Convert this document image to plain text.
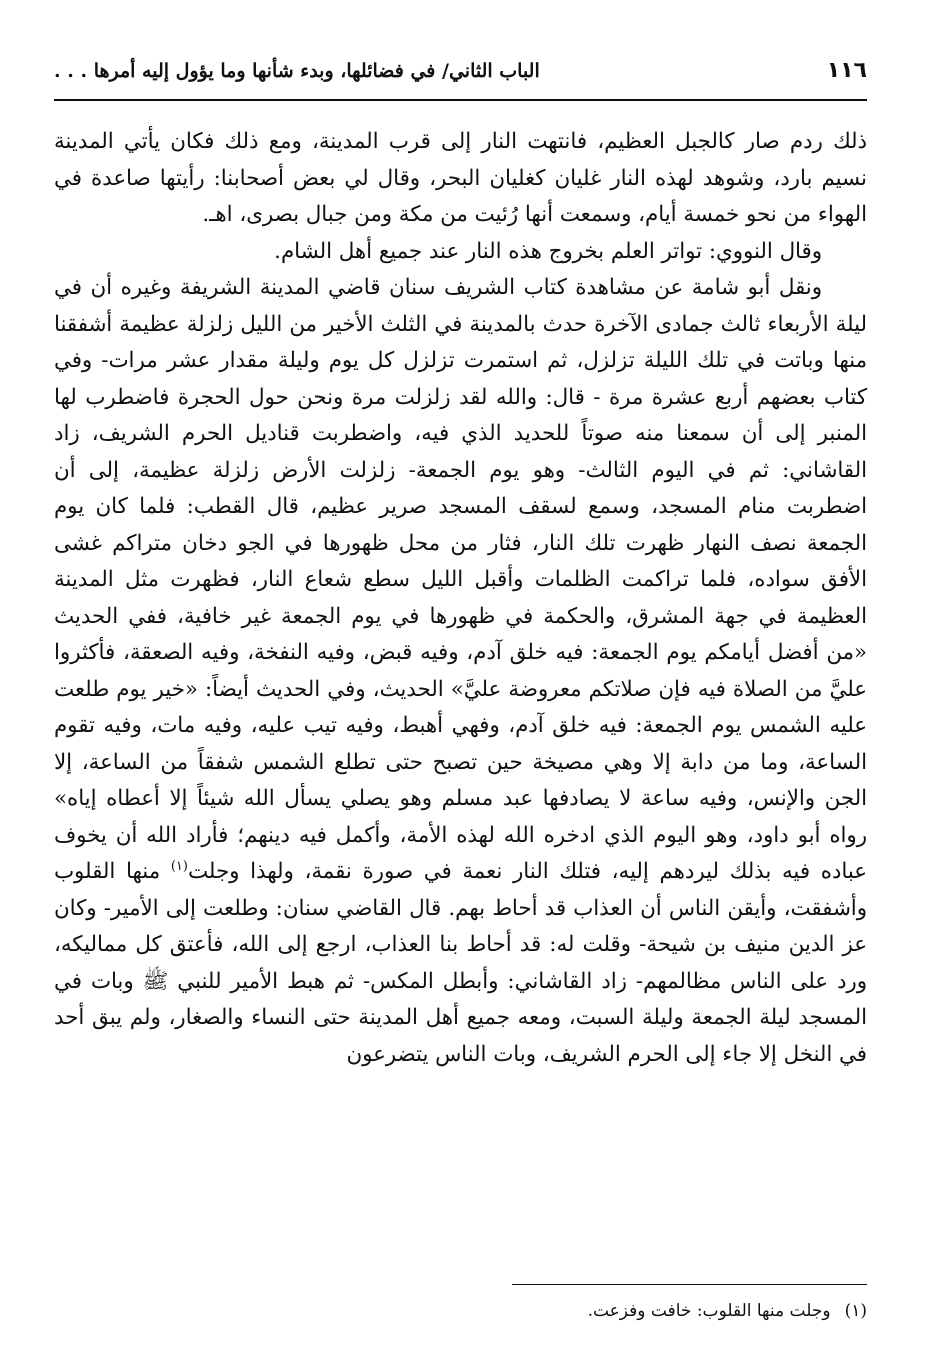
١١٦
الباب الثاني/ في فضائلها، وبدء شأنها وما يؤول إليه أمرها . . .

ذلك ردم صار كالجبل العظيم، فانتهت النار إلى قرب المدينة، ومع ذلك فكان يأتي المدينة نسيم بارد، وشوهد لهذه النار غليان كغليان البحر، وقال لي بعض أصحابنا: رأيتها صاعدة في الهواء من نحو خمسة أيام، وسمعت أنها رُئيت من مكة ومن جبال بصرى، اهـ.

وقال النووي: تواتر العلم بخروج هذه النار عند جميع أهل الشام.

ونقل أبو شامة عن مشاهدة كتاب الشريف سنان قاضي المدينة الشريفة وغيره أن في ليلة الأربعاء ثالث جمادى الآخرة حدث بالمدينة في الثلث الأخير من الليل زلزلة عظيمة أشفقنا منها وباتت في تلك الليلة تزلزل، ثم استمرت تزلزل كل يوم وليلة مقدار عشر مرات- وفي كتاب بعضهم أربع عشرة مرة - قال: والله لقد زلزلت مرة ونحن حول الحجرة فاضطرب لها المنبر إلى أن سمعنا منه صوتاً للحديد الذي فيه، واضطربت قناديل الحرم الشريف، زاد القاشاني: ثم في اليوم الثالث- وهو يوم الجمعة- زلزلت الأرض زلزلة عظيمة، إلى أن اضطربت منام المسجد، وسمع لسقف المسجد صرير عظيم، قال القطب: فلما كان يوم الجمعة نصف النهار ظهرت تلك النار، فثار من محل ظهورها في الجو دخان متراكم غشى الأفق سواده، فلما تراكمت الظلمات وأقبل الليل سطع شعاع النار، فظهرت مثل المدينة العظيمة في جهة المشرق، والحكمة في ظهورها في يوم الجمعة غير خافية، ففي الحديث «من أفضل أيامكم يوم الجمعة: فيه خلق آدم، وفيه قبض، وفيه النفخة، وفيه الصعقة، فأكثروا عليَّ من الصلاة فيه فإن صلاتكم معروضة عليَّ» الحديث، وفي الحديث أيضاً: «خير يوم طلعت عليه الشمس يوم الجمعة: فيه خلق آدم، وفهي أهبط، وفيه تيب عليه، وفيه مات، وفيه تقوم الساعة، وما من دابة إلا وهي مصيخة حين تصبح حتى تطلع الشمس شفقاً من الساعة، إلا الجن والإنس، وفيه ساعة لا يصادفها عبد مسلم وهو يصلي يسأل الله شيئاً إلا أعطاه إياه» رواه أبو داود، وهو اليوم الذي ادخره الله لهذه الأمة، وأكمل فيه دينهم؛ فأراد الله أن يخوف عباده فيه بذلك ليردهم إليه، فتلك النار نعمة في صورة نقمة، ولهذا وجلت$^{(١)}$ منها القلوب وأشفقت، وأيقن الناس أن العذاب قد أحاط بهم. قال القاضي سنان: وطلعت إلى الأمير- وكان عز الدين منيف بن شيحة- وقلت له: قد أحاط بنا العذاب، ارجع إلى الله، فأعتق كل مماليكه، ورد على الناس مظالمهم- زاد القاشاني: وأبطل المكس- ثم هبط الأمير للنبي ﷺ وبات في المسجد ليلة الجمعة وليلة السبت، ومعه جميع أهل المدينة حتى النساء والصغار، ولم يبق أحد في النخل إلا جاء إلى الحرم الشريف، وبات الناس يتضرعون

(١)وجلت منها القلوب: خافت وفزعت.
